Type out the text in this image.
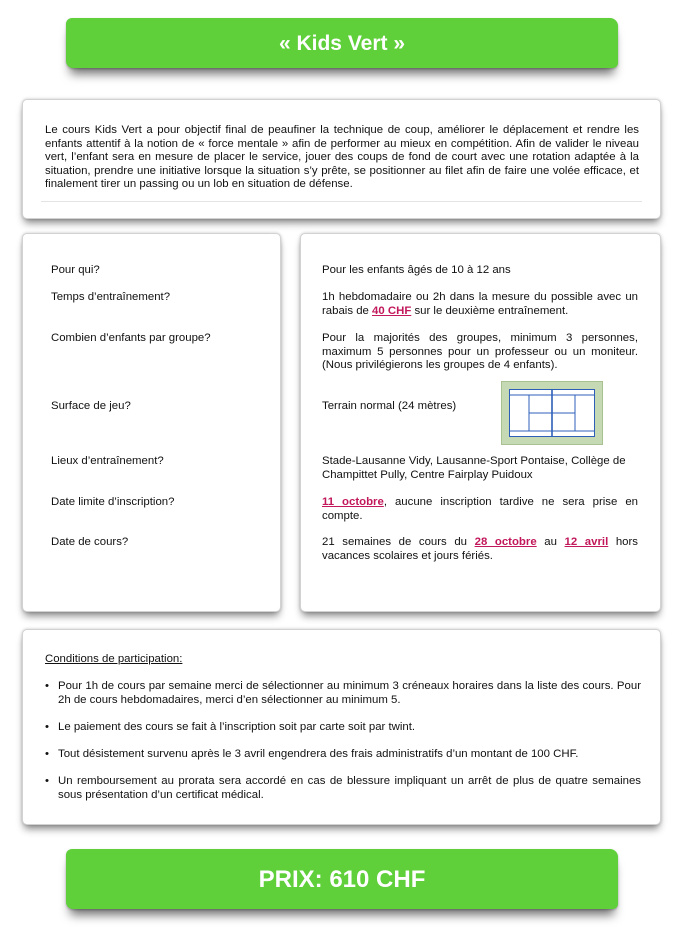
« Kids Vert »

Le cours Kids Vert a pour objectif final de peaufiner la technique de coup, améliorer le déplacement et rendre les enfants attentif à la notion de « force mentale » afin de performer au mieux en compétition. Afin de valider le niveau vert, l’enfant sera en mesure de placer le service, jouer des coups de fond de court avec une rotation adaptée à la situation, prendre une initiative lorsque la situation s’y prête, se positionner au filet afin de faire une volée efficace, et finalement tirer un passing ou un lob en situation de défense.

Pour qui?

Temps d’entraînement?

Combien d’enfants par groupe?

Surface de jeu?

Lieux d’entraînement?

Date limite d’inscription?

Date de cours?

Pour les enfants âgés de 10 à 12 ans

1h hebdomadaire ou 2h dans la mesure du possible avec un rabais de 40 CHF sur le deuxième entraînement.

Pour la majorités des groupes, minimum 3 personnes, maximum 5 personnes pour un professeur ou un moniteur. (Nous privilégierons les groupes de 4 enfants).

Terrain normal (24 mètres)

Stade-Lausanne Vidy, Lausanne-Sport Pontaise, Collège de Champittet Pully, Centre Fairplay Puidoux

11 octobre, aucune inscription tardive ne sera prise en compte.

21 semaines de cours du 28 octobre au 12 avril hors vacances scolaires et jours fériés.

Conditions de participation:

• Pour 1h de cours par semaine merci de sélectionner au minimum 3 créneaux horaires dans la liste des cours. Pour 2h de cours hebdomadaires, merci d’en sélectionner au minimum 5.

• Le paiement des cours se fait à l’inscription soit par carte soit par twint.

• Tout désistement survenu après le 3 avril engendrera des frais administratifs d’un montant de 100 CHF.

• Un remboursement au prorata sera accordé en cas de blessure impliquant un arrêt de plus de quatre semaines sous présentation d’un certificat médical.

PRIX: 610 CHF
